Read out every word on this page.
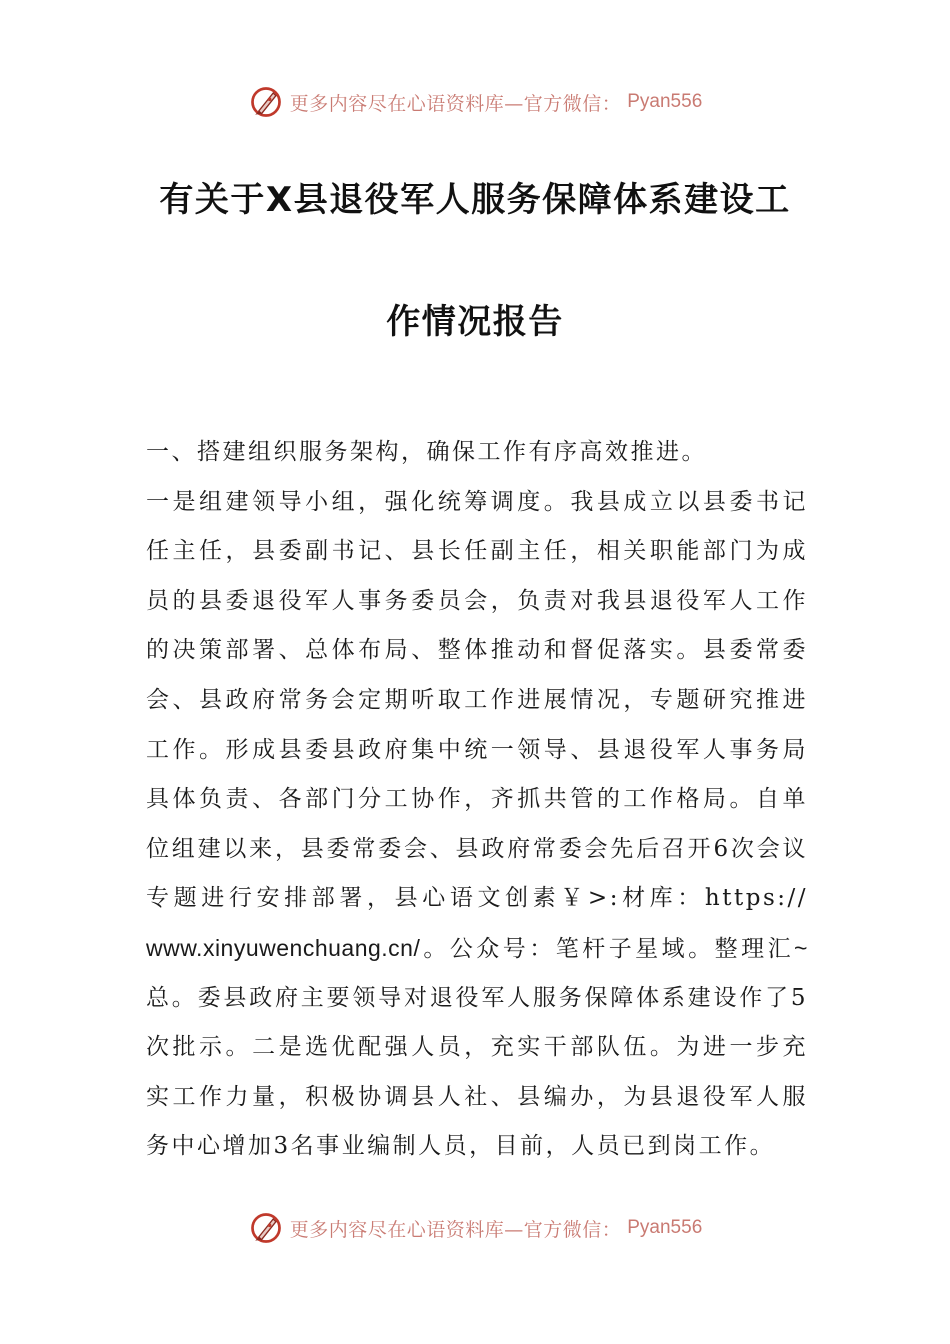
更多内容尽在心语资料库—官方微信： Pyan556
有关于X县退役军人服务保障体系建设工
作情况报告
一、搭建组织服务架构，确保工作有序高效推进。
一是组建领导小组，强化统筹调度。我县成立以县委书记
任主任，县委副书记、县长任副主任，相关职能部门为成
员的县委退役军人事务委员会，负责对我县退役军人工作
的决策部署、总体布局、整体推动和督促落实。县委常委
会、县政府常务会定期听取工作进展情况，专题研究推进
工作。形成县委县政府集中统一领导、县退役军人事务局
具体负责、各部门分工协作，齐抓共管的工作格局。自单
位组建以来，县委常委会、县政府常委会先后召开6次会议
专题进行安排部署，县心语文创素￥>:材库：https://
www.xinyuwenchuang.cn/。公众号：笔杆子星域。整理汇~
总。委县政府主要领导对退役军人服务保障体系建设作了5
次批示。二是选优配强人员，充实干部队伍。为进一步充
实工作力量，积极协调县人社、县编办，为县退役军人服
务中心增加3名事业编制人员，目前，人员已到岗工作。
更多内容尽在心语资料库—官方微信： Pyan556
